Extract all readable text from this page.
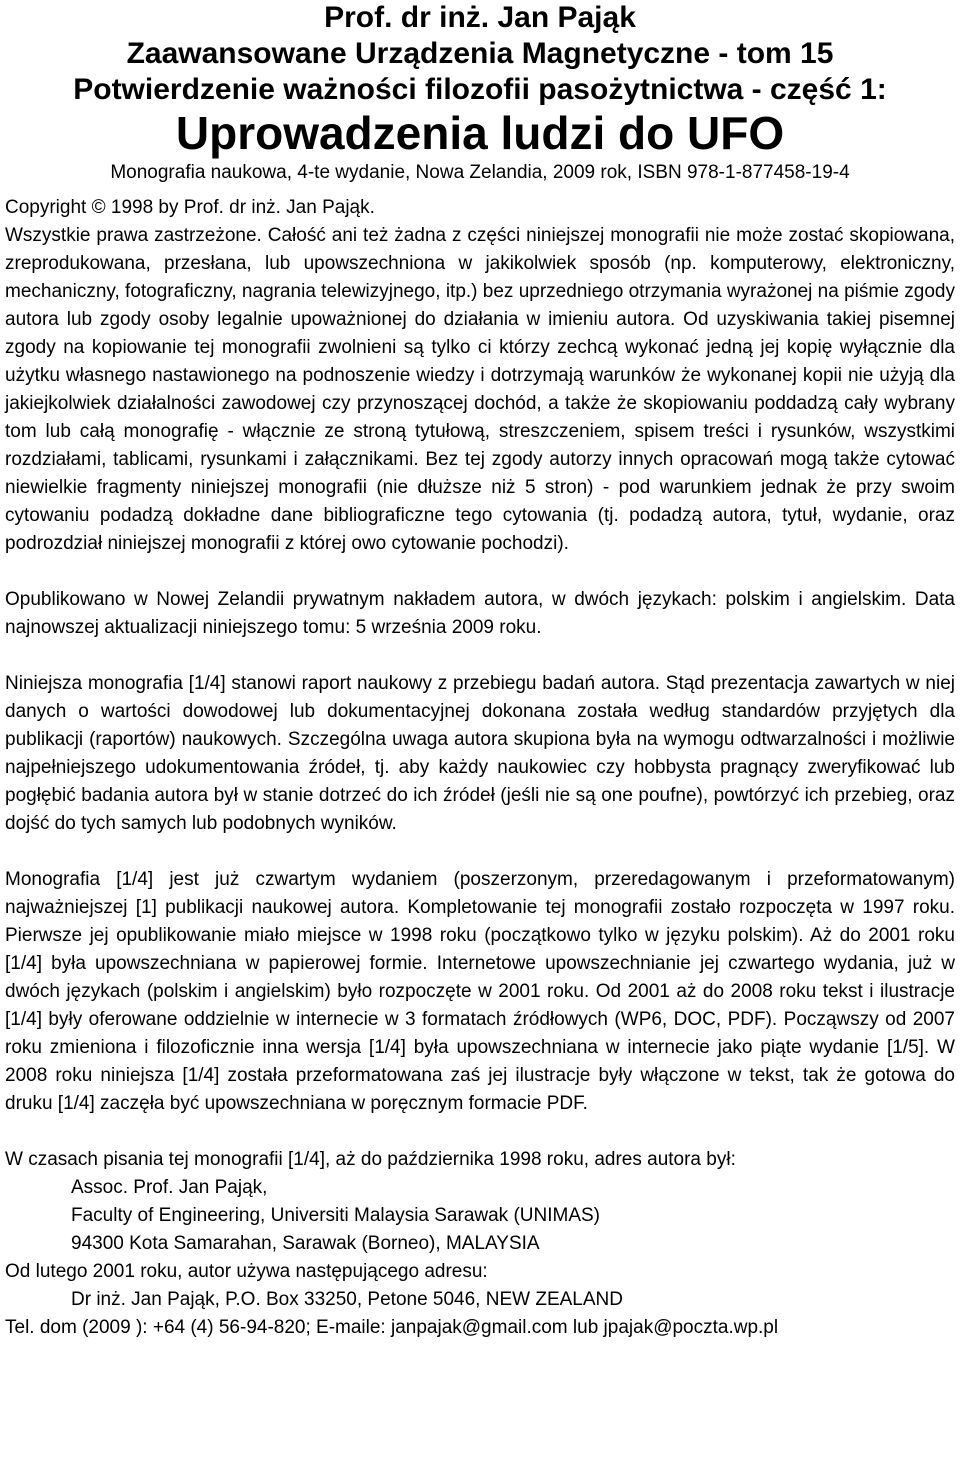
Prof. dr inż. Jan Pająk

Zaawansowane Urządzenia Magnetyczne - tom 15

Potwierdzenie ważności filozofii pasożytnictwa - część 1:

Uprowadzenia ludzi do UFO

Monografia naukowa, 4-te wydanie, Nowa Zelandia, 2009 rok, ISBN 978-1-877458-19-4

Copyright © 1998 by Prof. dr inż. Jan Pająk.

Wszystkie prawa zastrzeżone. Całość ani też żadna z części niniejszej monografii nie może zostać skopiowana, zreprodukowana, przesłana, lub upowszechniona w jakikolwiek sposób (np. komputerowy, elektroniczny, mechaniczny, fotograficzny, nagrania telewizyjnego, itp.) bez uprzedniego otrzymania wyrażonej na piśmie zgody autora lub zgody osoby legalnie upoważnionej do działania w imieniu autora. Od uzyskiwania takiej pisemnej zgody na kopiowanie tej monografii zwolnieni są tylko ci którzy zechcą wykonać jedną jej kopię wyłącznie dla użytku własnego nastawionego na podnoszenie wiedzy i dotrzymają warunków że wykonanej kopii nie użyją dla jakiejkolwiek działalności zawodowej czy przynoszącej dochód, a także że skopiowaniu poddadzą cały wybrany tom lub całą monografię - włącznie ze stroną tytułową, streszczeniem, spisem treści i rysunków, wszystkimi rozdziałami, tablicami, rysunkami i załącznikami. Bez tej zgody autorzy innych opracowań mogą także cytować niewielkie fragmenty niniejszej monografii (nie dłuższe niż 5 stron) - pod warunkiem jednak że przy swoim cytowaniu podadzą dokładne dane bibliograficzne tego cytowania (tj. podadzą autora, tytuł, wydanie, oraz podrozdział niniejszej monografii z której owo cytowanie pochodzi).

Opublikowano w Nowej Zelandii prywatnym nakładem autora, w dwóch językach: polskim i angielskim. Data najnowszej aktualizacji niniejszego tomu: 5 września 2009 roku.

Niniejsza monografia [1/4] stanowi raport naukowy z przebiegu badań autora. Stąd prezentacja zawartych w niej danych o wartości dowodowej lub dokumentacyjnej dokonana została według standardów przyjętych dla publikacji (raportów) naukowych. Szczególna uwaga autora skupiona była na wymogu odtwarzalności i możliwie najpełniejszego udokumentowania źródeł, tj. aby każdy naukowiec czy hobbysta pragnący zweryfikować lub pogłębić badania autora był w stanie dotrzeć do ich źródeł (jeśli nie są one poufne), powtórzyć ich przebieg, oraz dojść do tych samych lub podobnych wyników.

Monografia [1/4] jest już czwartym wydaniem (poszerzonym, przeredagowanym i przeformatowanym) najważniejszej [1] publikacji naukowej autora. Kompletowanie tej monografii zostało rozpoczęta w 1997 roku. Pierwsze jej opublikowanie miało miejsce w 1998 roku (początkowo tylko w języku polskim). Aż do 2001 roku [1/4] była upowszechniana w papierowej formie. Internetowe upowszechnianie jej czwartego wydania, już w dwóch językach (polskim i angielskim) było rozpoczęte w 2001 roku. Od 2001 aż do 2008 roku tekst i ilustracje [1/4] były oferowane oddzielnie w internecie w 3 formatach źródłowych (WP6, DOC, PDF). Począwszy od 2007 roku zmieniona i filozoficznie inna wersja [1/4] była upowszechniana w internecie jako piąte wydanie [1/5]. W 2008 roku niniejsza [1/4] została przeformatowana zaś jej ilustracje były włączone w tekst, tak że gotowa do druku [1/4] zaczęła być upowszechniana w poręcznym formacie PDF.

W czasach pisania tej monografii [1/4], aż do października 1998 roku, adres autora był:

Assoc. Prof. Jan Pająk,

Faculty of Engineering, Universiti Malaysia Sarawak (UNIMAS)

94300 Kota Samarahan, Sarawak (Borneo), MALAYSIA

Od lutego 2001 roku, autor używa następującego adresu:

Dr inż. Jan Pająk, P.O. Box 33250, Petone 5046, NEW ZEALAND

Tel. dom (2009 ): +64 (4) 56-94-820; E-maile: janpajak@gmail.com lub jpajak@poczta.wp.pl
